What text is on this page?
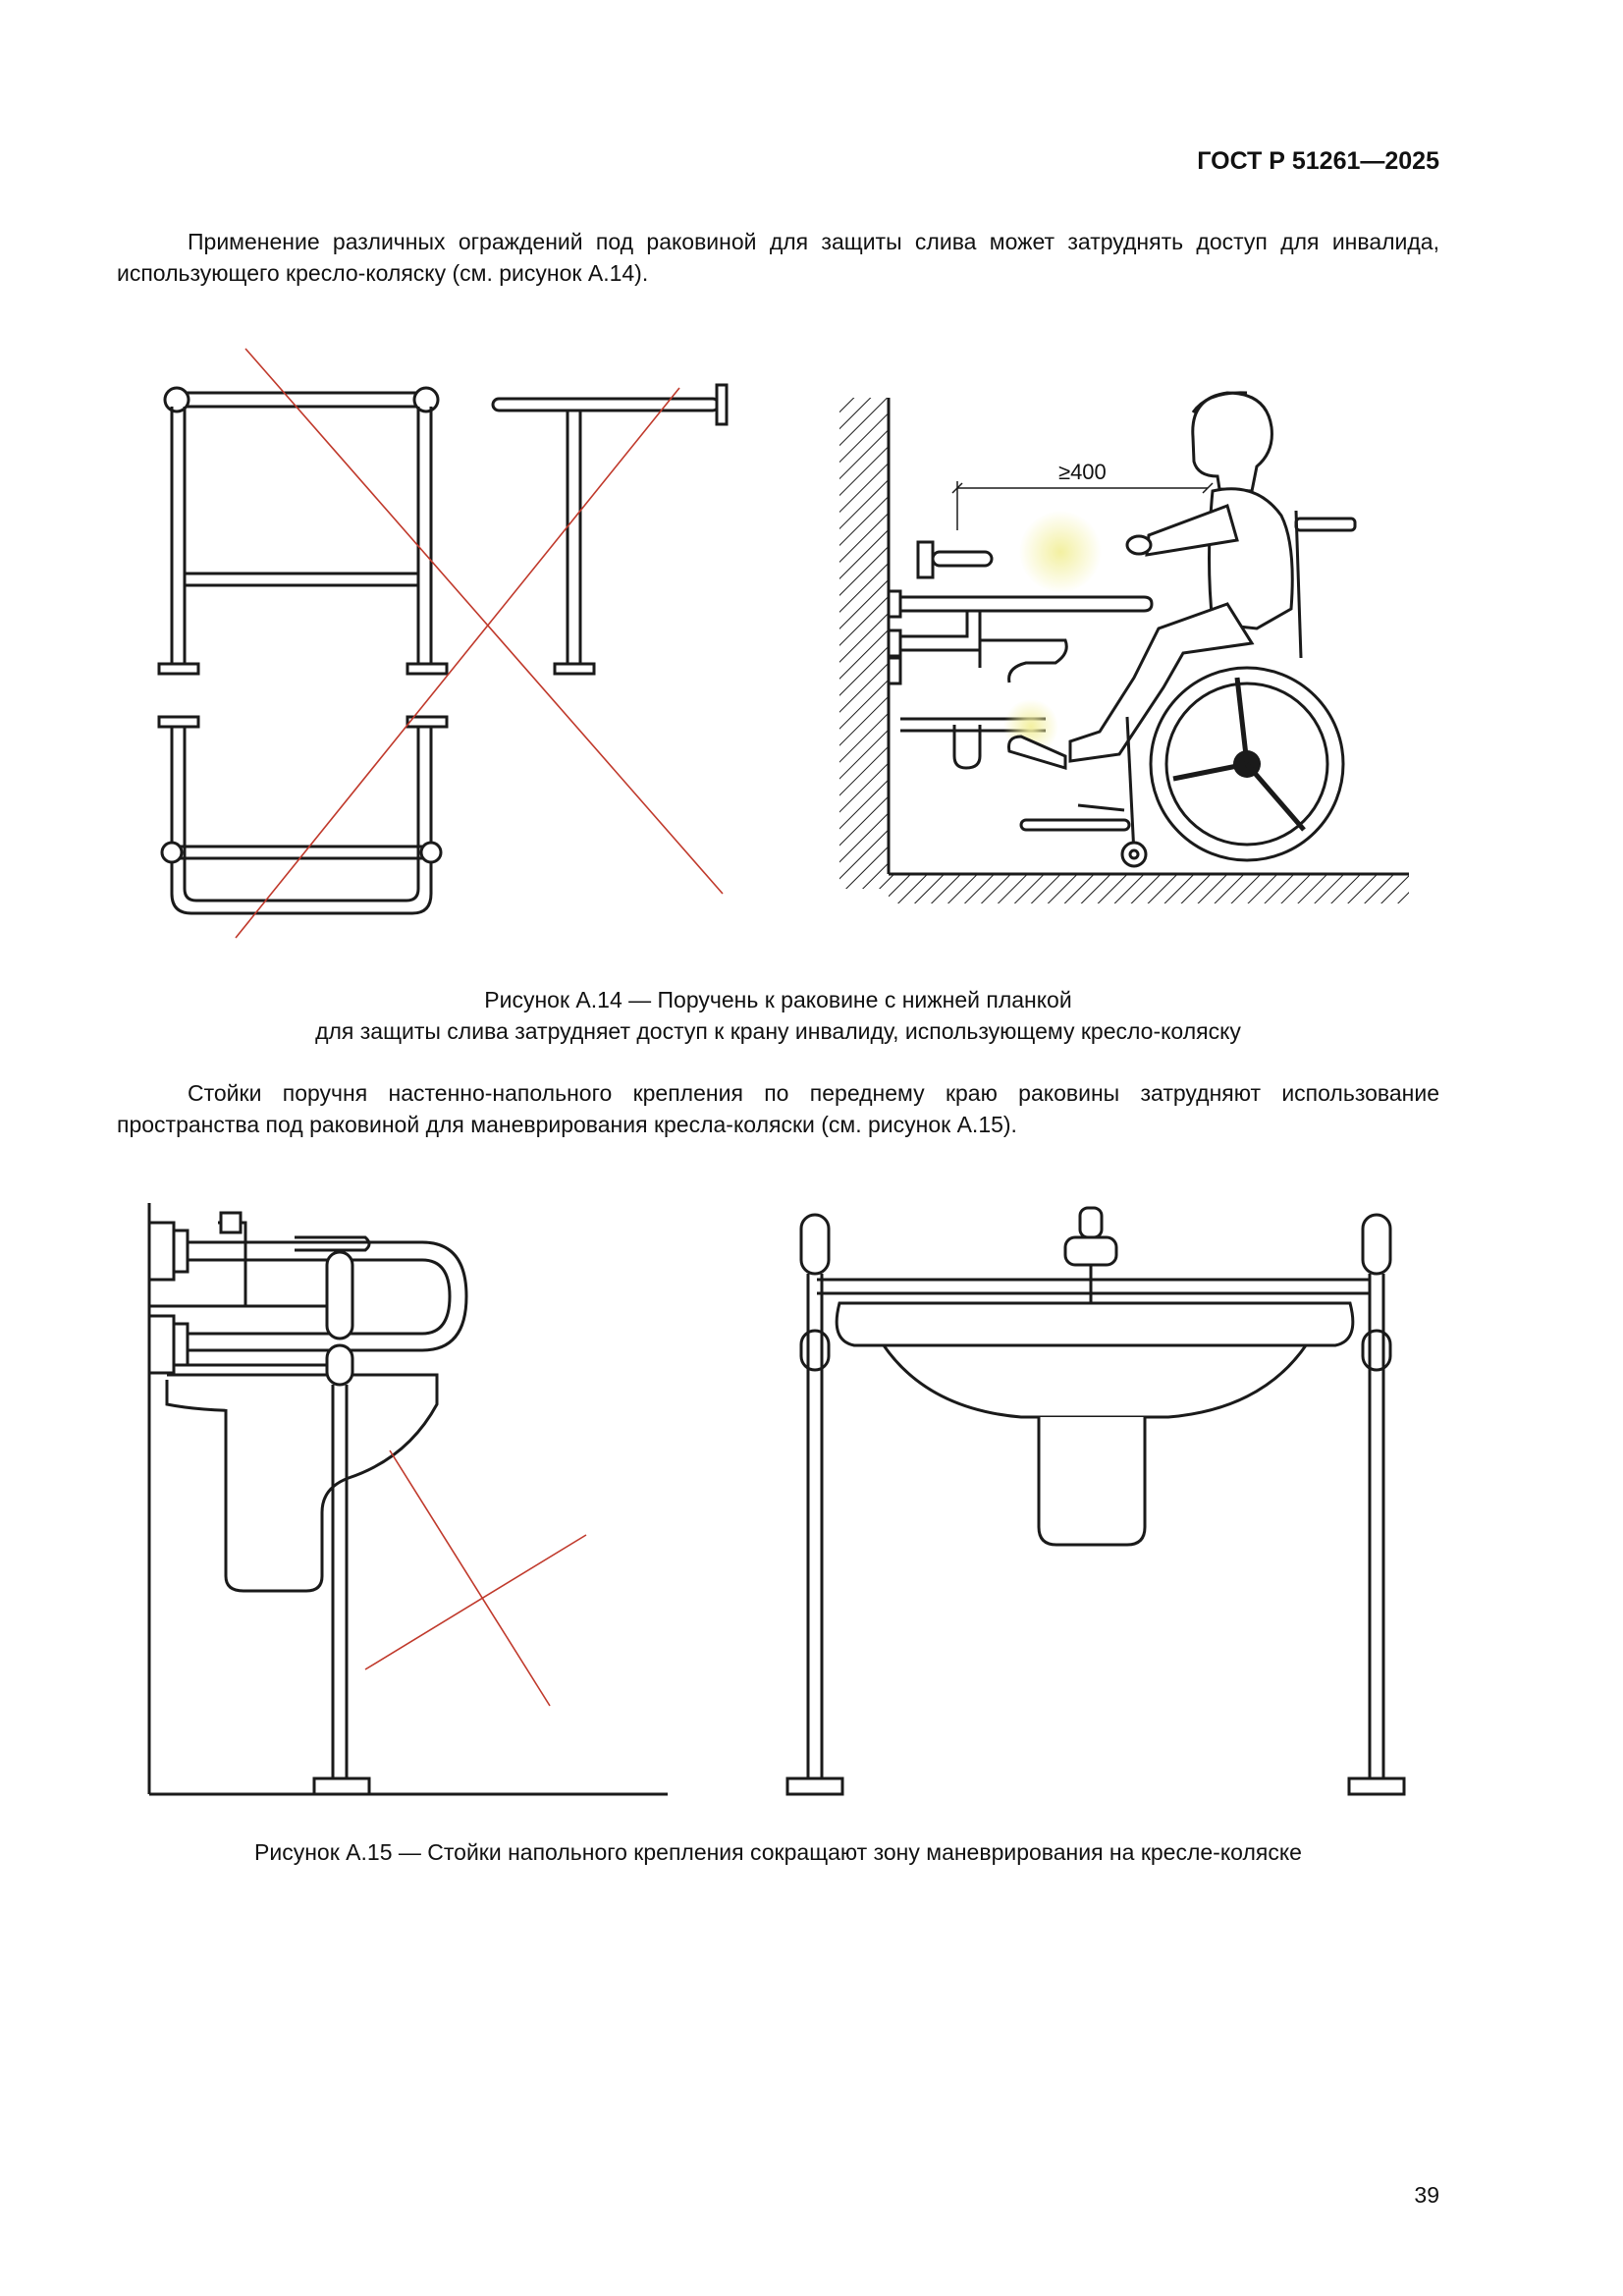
ГОСТ Р 51261—2025
Применение различных ограждений под раковиной для защиты слива может затруднять доступ для инвалида, использующего кресло-коляску (см. рисунок А.14).
≥400
Рисунок А.14 — Поручень к раковине с нижней планкой
для защиты слива затрудняет доступ к крану инвалиду, использующему кресло-коляску
Стойки поручня настенно-напольного крепления по переднему краю раковины затрудняют использование пространства под раковиной для маневрирования кресла-коляски (см. рисунок А.15).
Рисунок А.15 — Стойки напольного крепления сокращают зону маневрирования на кресле-коляске
39
